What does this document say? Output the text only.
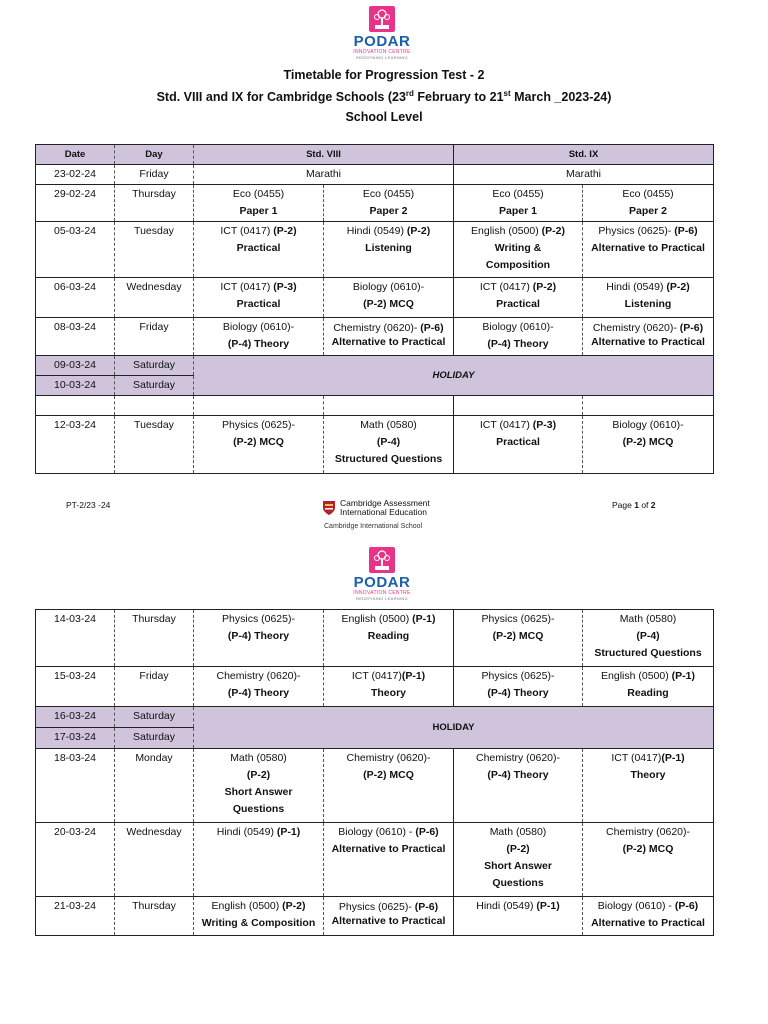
PODAR
INNOVATION CENTRE
REDEFINING LEARNING
Timetable for Progression Test - 2
Std. VIII and IX for Cambridge Schools (23rd February to 21st March _2023-24)
School Level
Date	Day	Std. VIII		Std. IX	
23-02-24	Friday	Marathi		Marathi	
29-02-24	Thursday	Eco (0455)
Paper 1	Eco (0455)
Paper 2	Eco (0455)
Paper 1	Eco (0455)
Paper 2

05-03-24	Tuesday	ICT (0417) (P-2)
Practical	Hindi (0549) (P-2)
Listening	English (0500) (P-2)
Writing &
Composition	Physics (0625)- (P-6)
Alternative to Practical

06-03-24	Wednesday	ICT (0417) (P-3)
Practical	Biology (0610)-
(P-2) MCQ	ICT (0417) (P-2)
Practical	Hindi (0549) (P-2)
Listening

08-03-24	Friday	Biology (0610)-
(P-4) Theory	Chemistry (0620)- (P-6)
Alternative to Practical	Biology (0610)-
(P-4) Theory	Chemistry (0620)- (P-6)
Alternative to Practical

09-03-24	Saturday	HOLIDAY			
10-03-24	Saturday				

12-03-24	Tuesday	Physics (0625)-
(P-2) MCQ	Math (0580)
(P-4)
Structured Questions	ICT (0417) (P-3)
Practical	Biology (0610)-
(P-2) MCQ
PT-2/23 -24	Page 1 of 2
Cambridge Assessment
International Education
Cambridge International School
PODAR
INNOVATION CENTRE
REDEFINING LEARNING
14-03-24	Thursday	Physics (0625)-
(P-4) Theory	English (0500) (P-1)
Reading	Physics (0625)-
(P-2) MCQ	Math (0580)
(P-4)
Structured Questions

15-03-24	Friday	Chemistry (0620)-
(P-4) Theory	ICT (0417)(P-1)
Theory	Physics (0625)-
(P-4) Theory	English (0500) (P-1)
Reading

16-03-24	Saturday	HOLIDAY			
17-03-24	Saturday				
18-03-24	Monday	Math (0580)
(P-2)
Short Answer
Questions	Chemistry (0620)-
(P-2) MCQ	Chemistry (0620)-
(P-4) Theory	ICT (0417)(P-1)
Theory

20-03-24	Wednesday	Hindi (0549) (P-1)	Biology (0610) - (P-6)
Alternative to Practical	Math (0580)
(P-2)
Short Answer
Questions	Chemistry (0620)-
(P-2) MCQ

21-03-24	Thursday	English (0500) (P-2)
Writing & Composition	Physics (0625)- (P-6)
Alternative to Practical	Hindi (0549) (P-1)	Biology (0610) - (P-6)
Alternative to Practical
